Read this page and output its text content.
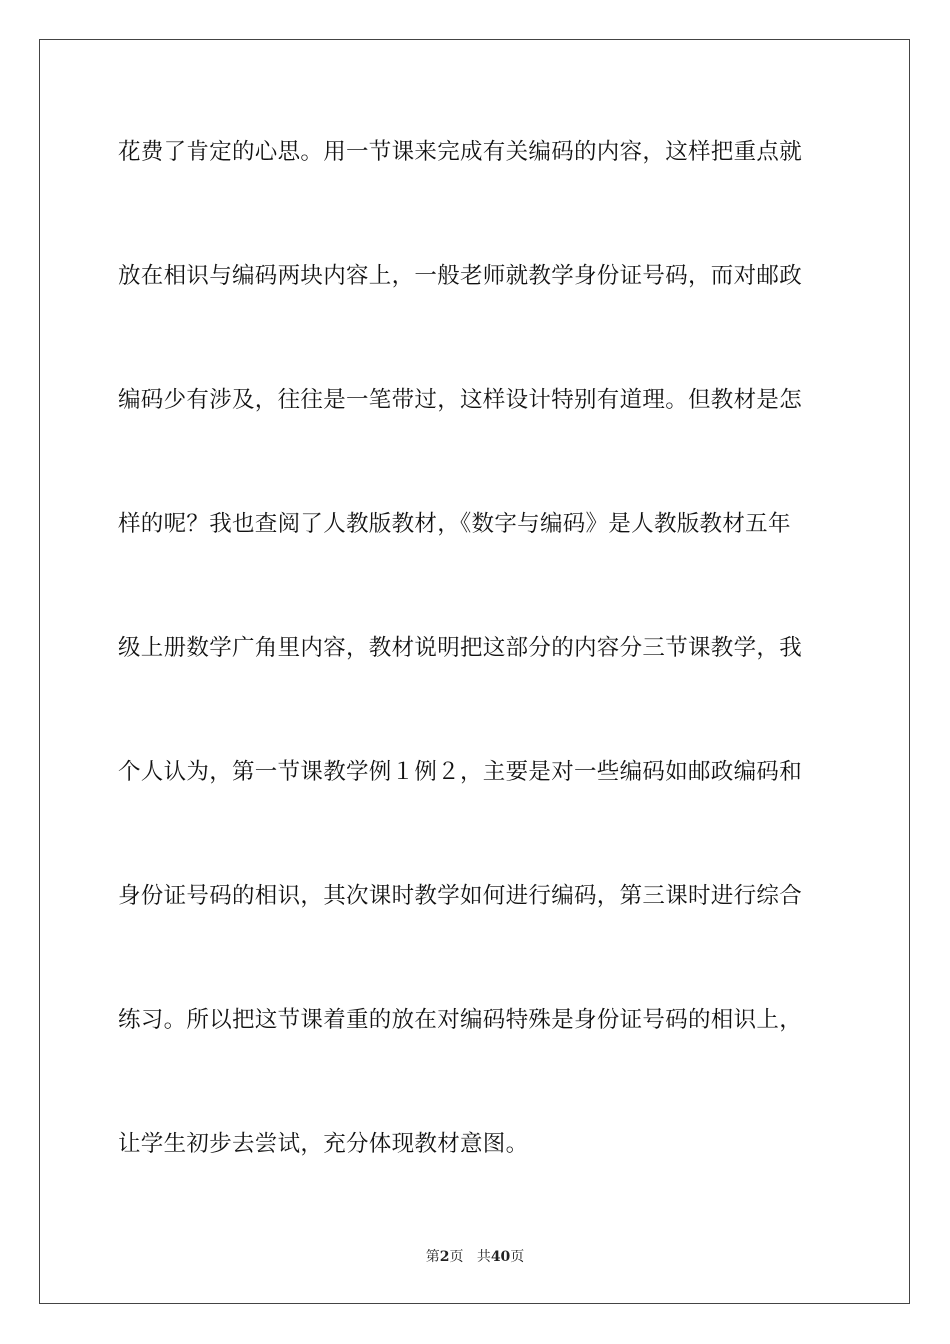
花费了肯定的心思。用一节课来完成有关编码的内容，这样把重点就
放在相识与编码两块内容上，一般老师就教学身份证号码，而对邮政
编码少有涉及，往往是一笔带过，这样设计特别有道理。但教材是怎
样的呢？我也查阅了人教版教材，《数字与编码》是人教版教材五年
级上册数学广角里内容，教材说明把这部分的内容分三节课教学，我
个人认为，第一节课教学例１例２，主要是对一些编码如邮政编码和
身份证号码的相识，其次课时教学如何进行编码，第三课时进行综合
练习。所以把这节课着重的放在对编码特殊是身份证号码的相识上，
让学生初步去尝试，充分体现教材意图。
第2页 共40页
